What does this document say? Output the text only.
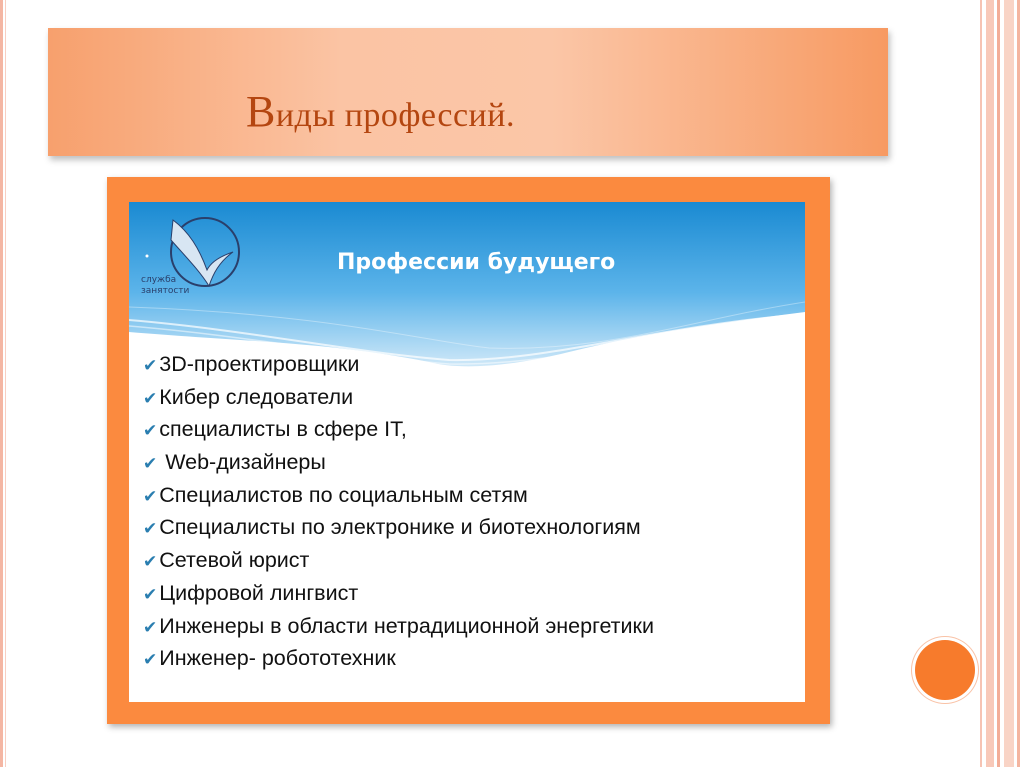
Виды профессий.
служба
занятости
Профессии будущего
✔3D-проектировщики
✔Кибер следователи
✔специалисты в сфере IT,
✔ Web-дизайнеры
✔Специалистов по социальным сетям
✔Специалисты по электронике и биотехнологиям
✔Сетевой юрист
✔Цифровой лингвист
✔Инженеры в области нетрадиционной энергетики
✔Инженер- робототехник
